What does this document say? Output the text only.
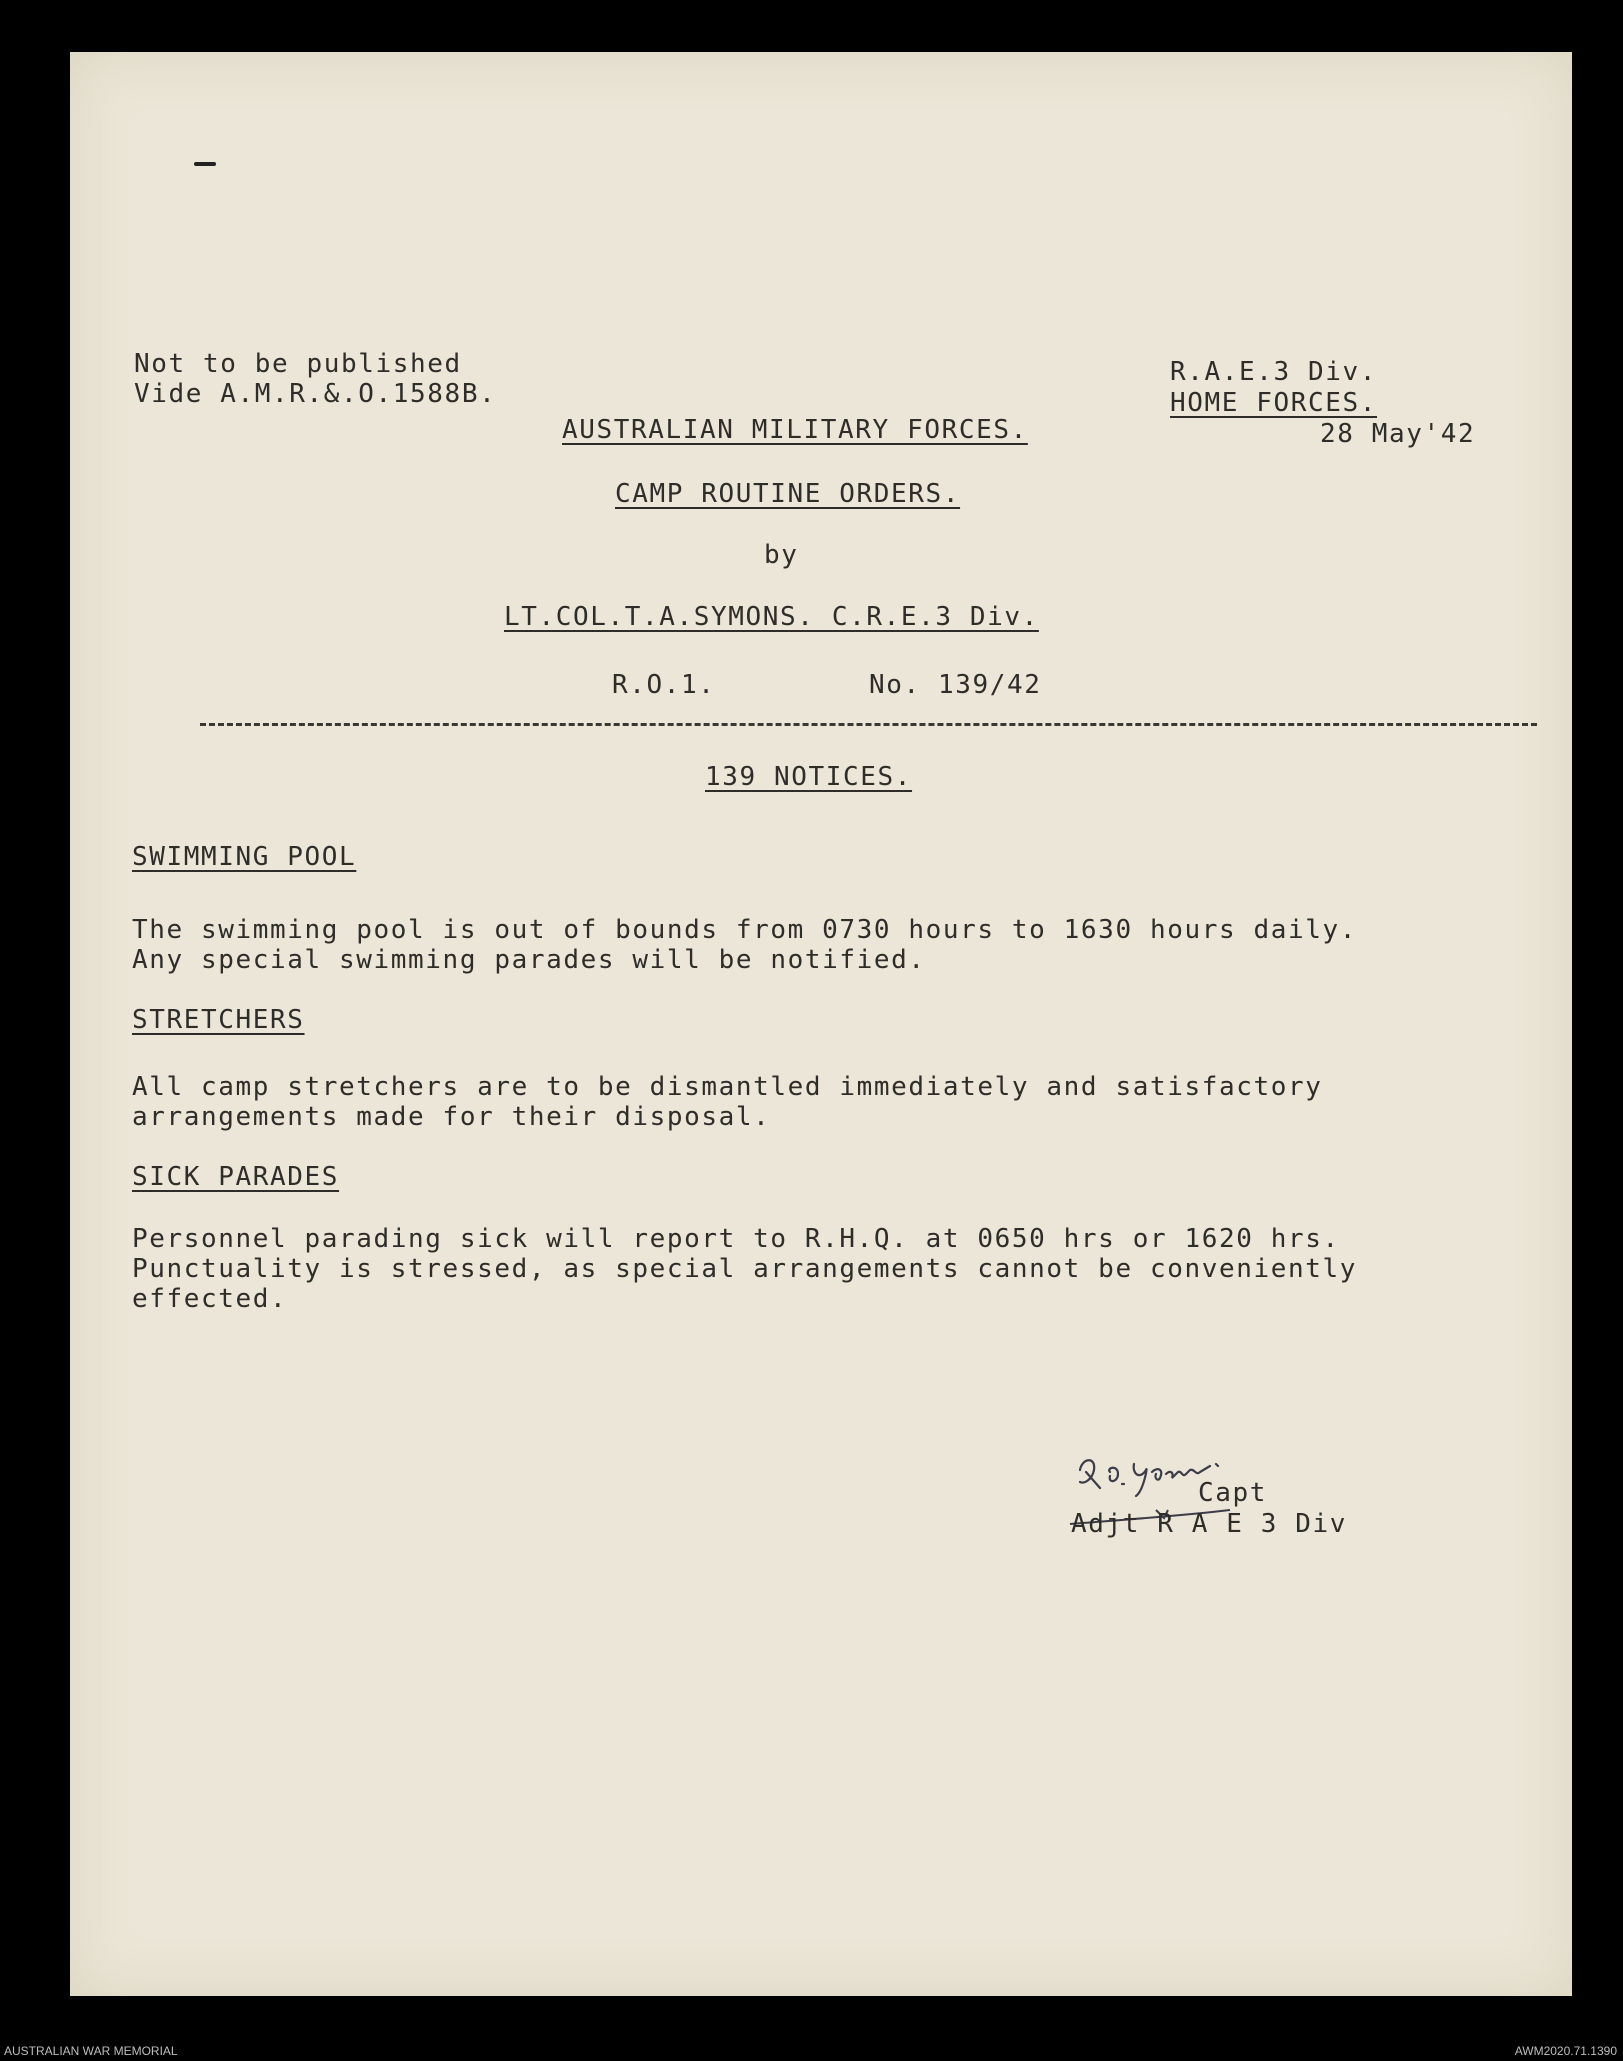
Not to be published
Vide A.M.R.&.O.1588B.
R.A.E.3 Div.
HOME FORCES.
28 May'42
AUSTRALIAN MILITARY FORCES.
CAMP ROUTINE ORDERS.
by
LT.COL.T.A.SYMONS. C.R.E.3 Div.
R.O.1.	No. 139/42
139 NOTICES.
SWIMMING POOL
The swimming pool is out of bounds from 0730 hours to 1630 hours daily.
Any special swimming parades will be notified.
STRETCHERS
All camp stretchers are to be dismantled immediately and satisfactory
arrangements made for their disposal.
SICK PARADES
Personnel parading sick will report to R.H.Q. at 0650 hrs or 1620 hrs.
Punctuality is stressed, as special arrangements cannot be conveniently
effected.
Capt
Adjt R A E 3 Div
AUSTRALIAN WAR MEMORIAL	AWM2020.71.1390
